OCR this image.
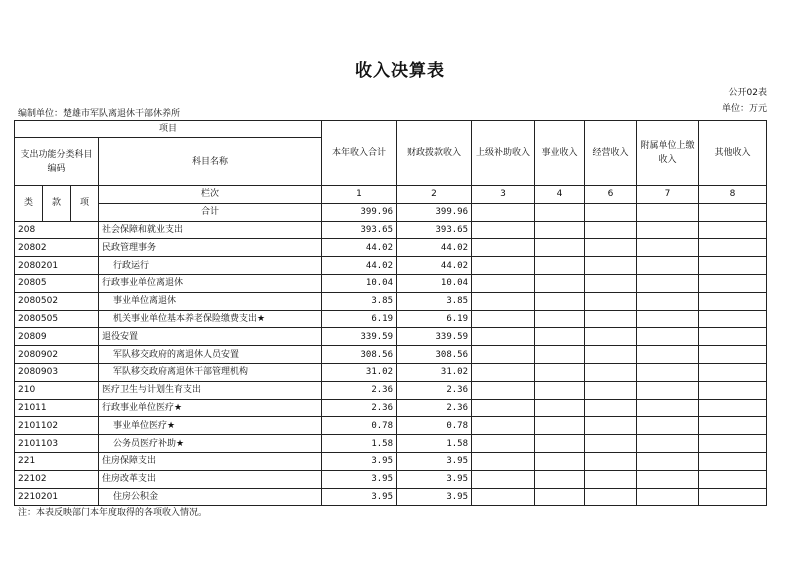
收入决算表
公开02表
单位：万元
编制单位：楚雄市军队离退休干部休养所
项目				本年收入合计	财政拨款收入	上级补助收入	事业收入	经营收入	附属单位上缴收入	其他收入
支出功能分类科目编码			科目名称							

类	款	项	栏次	1	2	3	4	6	7	8
			合计	399.96	399.96					
208			社会保障和就业支出	393.65	393.65					
20802			民政管理事务	44.02	44.02					
2080201			行政运行	44.02	44.02					
20805			行政事业单位离退休	10.04	10.04					
2080502			事业单位离退休	3.85	3.85					
2080505			机关事业单位基本养老保险缴费支出★	6.19	6.19					
20809			退役安置	339.59	339.59					
2080902			军队移交政府的离退休人员安置	308.56	308.56					
2080903			军队移交政府离退休干部管理机构	31.02	31.02					
210			医疗卫生与计划生育支出	2.36	2.36					
21011			行政事业单位医疗★	2.36	2.36					
2101102			事业单位医疗★	0.78	0.78					
2101103			公务员医疗补助★	1.58	1.58					
221			住房保障支出	3.95	3.95					
22102			住房改革支出	3.95	3.95					
2210201			住房公积金	3.95	3.95					
注：本表反映部门本年度取得的各项收入情况。
